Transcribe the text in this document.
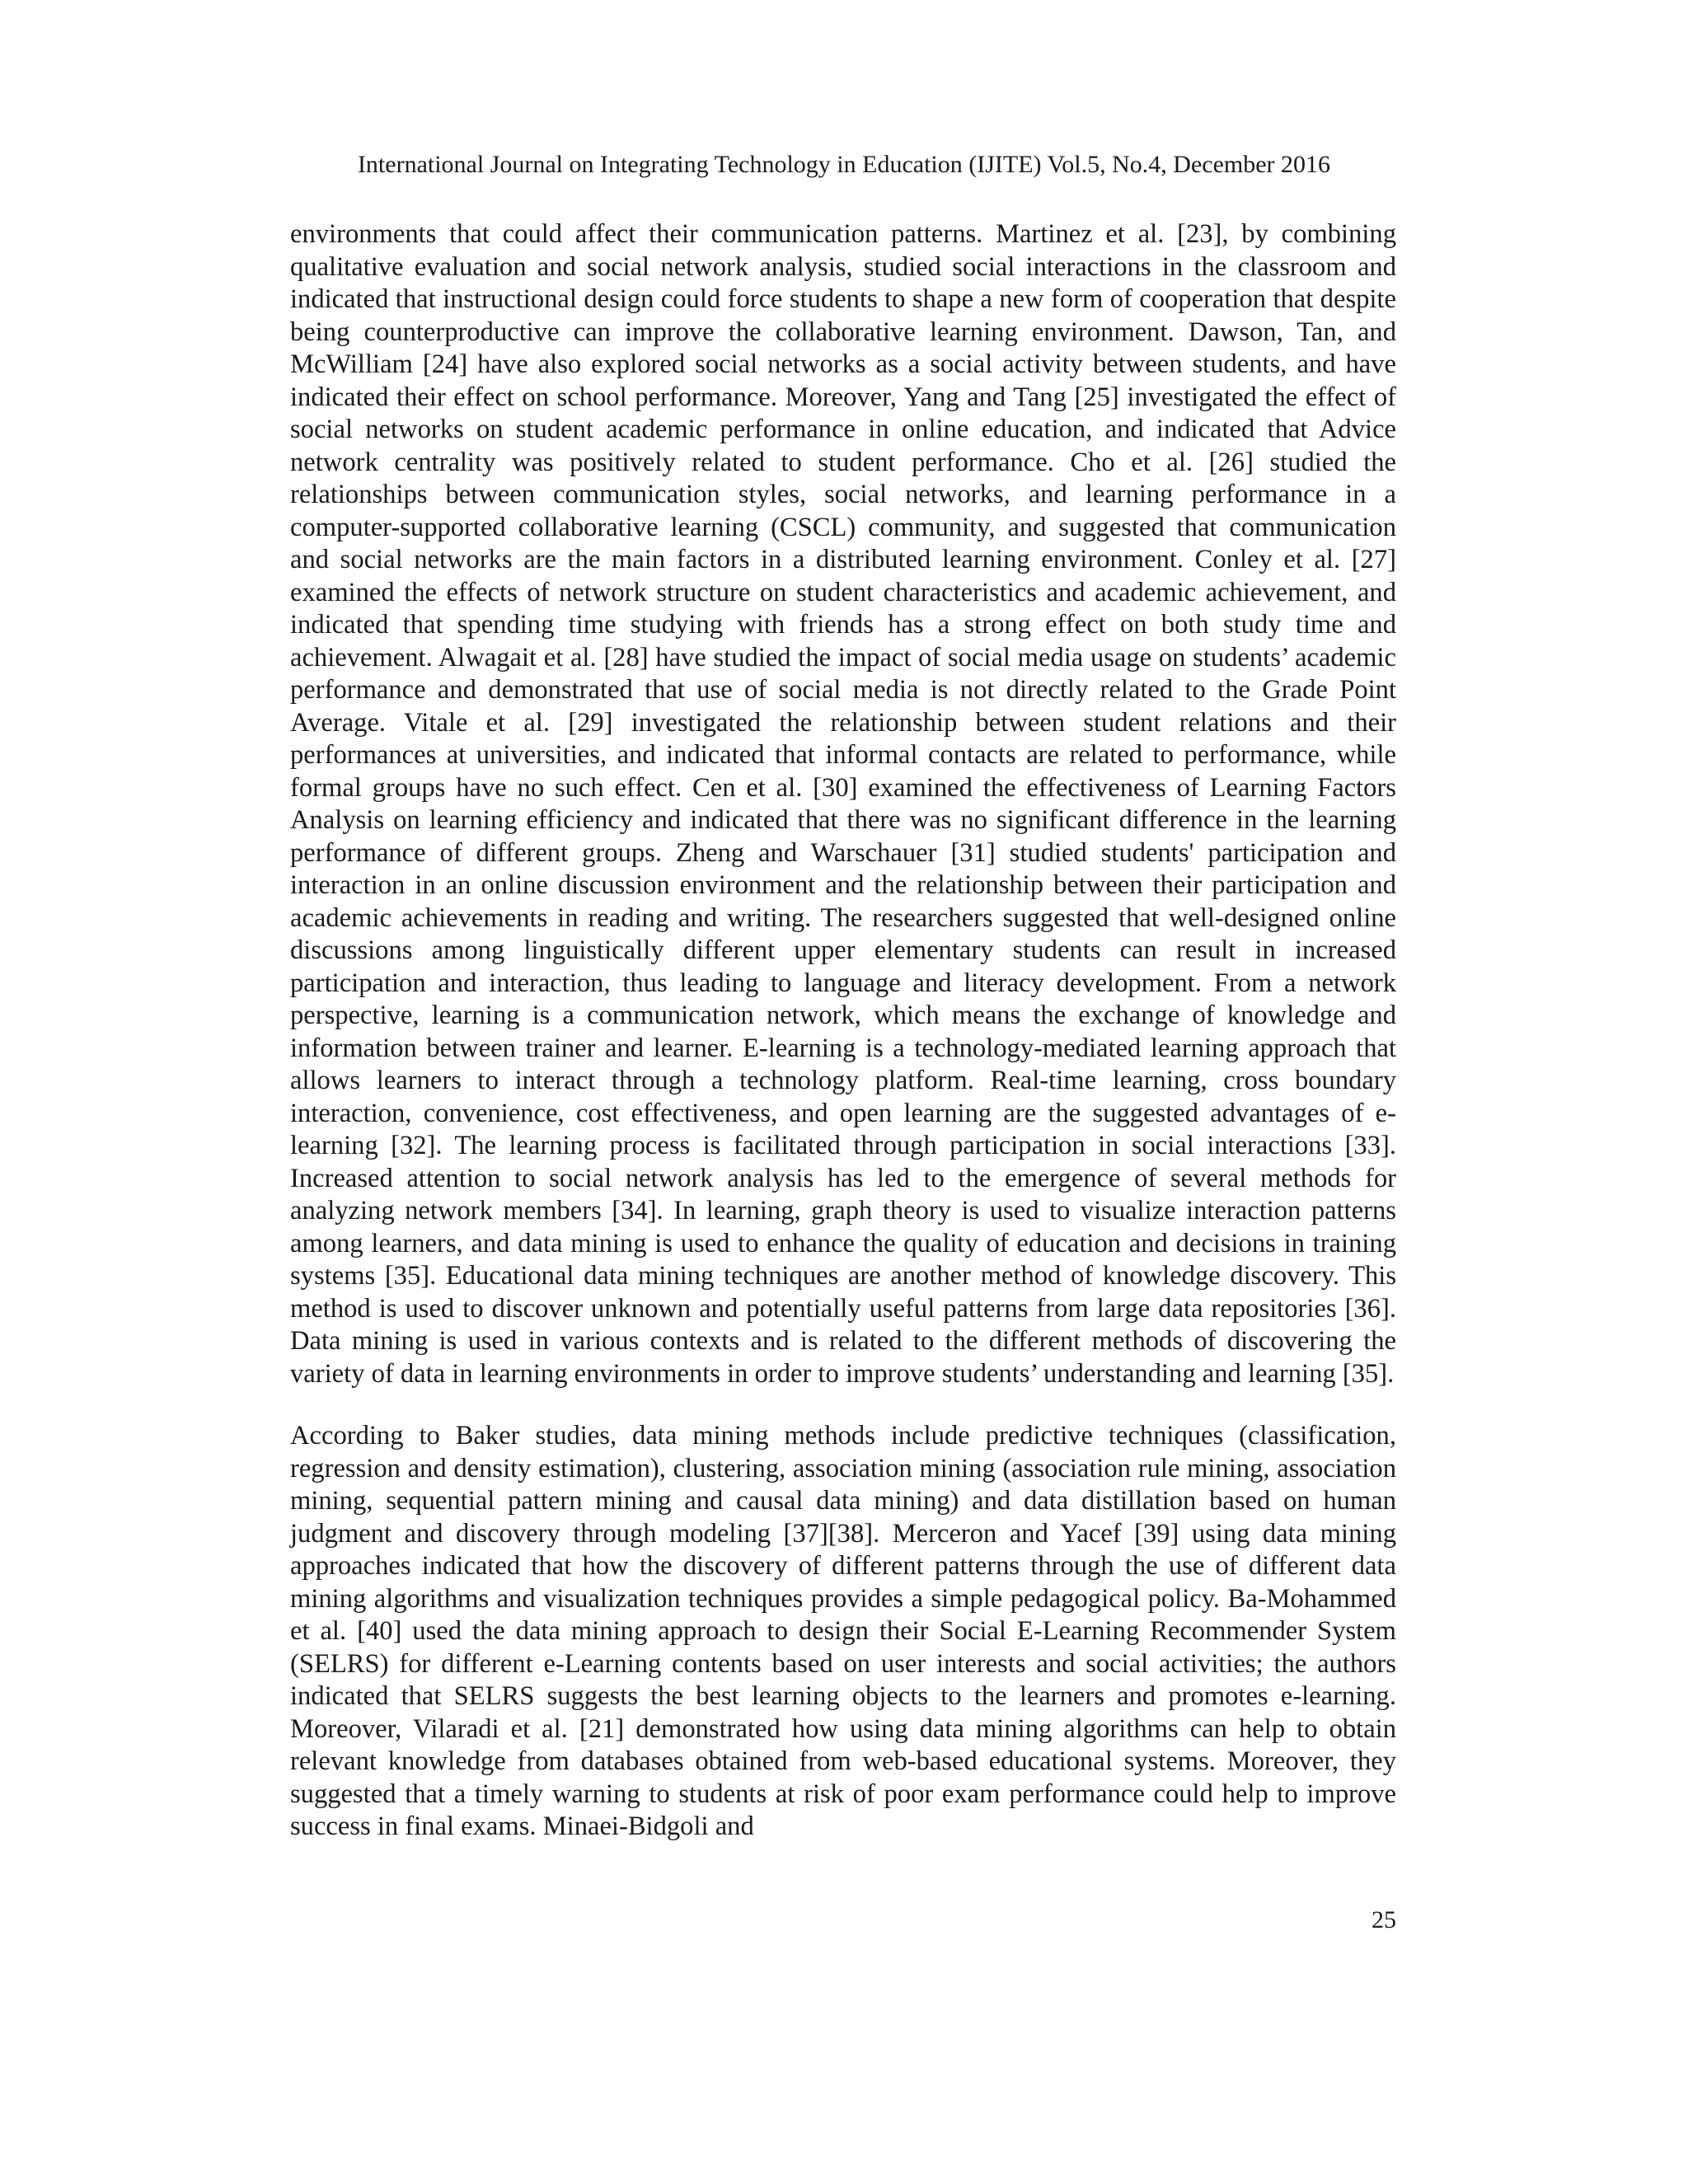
International Journal on Integrating Technology in Education (IJITE) Vol.5, No.4, December 2016

environments that could affect their communication patterns. Martinez et al. [23], by combining qualitative evaluation and social network analysis, studied social interactions in the classroom and indicated that instructional design could force students to shape a new form of cooperation that despite being counterproductive can improve the collaborative learning environment. Dawson, Tan, and McWilliam [24] have also explored social networks as a social activity between students, and have indicated their effect on school performance. Moreover, Yang and Tang [25] investigated the effect of social networks on student academic performance in online education, and indicated that Advice network centrality was positively related to student performance. Cho et al. [26] studied the relationships between communication styles, social networks, and learning performance in a computer-supported collaborative learning (CSCL) community, and suggested that communication and social networks are the main factors in a distributed learning environment. Conley et al. [27] examined the effects of network structure on student characteristics and academic achievement, and indicated that spending time studying with friends has a strong effect on both study time and achievement. Alwagait et al. [28] have studied the impact of social media usage on students’ academic performance and demonstrated that use of social media is not directly related to the Grade Point Average. Vitale et al. [29] investigated the relationship between student relations and their performances at universities, and indicated that informal contacts are related to performance, while formal groups have no such effect. Cen et al. [30] examined the effectiveness of Learning Factors Analysis on learning efficiency and indicated that there was no significant difference in the learning performance of different groups. Zheng and Warschauer [31] studied students' participation and interaction in an online discussion environment and the relationship between their participation and academic achievements in reading and writing. The researchers suggested that well-designed online discussions among linguistically different upper elementary students can result in increased participation and interaction, thus leading to language and literacy development. From a network perspective, learning is a communication network, which means the exchange of knowledge and information between trainer and learner. E-learning is a technology-mediated learning approach that allows learners to interact through a technology platform. Real-time learning, cross boundary interaction, convenience, cost effectiveness, and open learning are the suggested advantages of e-learning [32]. The learning process is facilitated through participation in social interactions [33]. Increased attention to social network analysis has led to the emergence of several methods for analyzing network members [34]. In learning, graph theory is used to visualize interaction patterns among learners, and data mining is used to enhance the quality of education and decisions in training systems [35]. Educational data mining techniques are another method of knowledge discovery. This method is used to discover unknown and potentially useful patterns from large data repositories [36]. Data mining is used in various contexts and is related to the different methods of discovering the variety of data in learning environments in order to improve students’ understanding and learning [35].

According to Baker studies, data mining methods include predictive techniques (classification, regression and density estimation), clustering, association mining (association rule mining, association mining, sequential pattern mining and causal data mining) and data distillation based on human judgment and discovery through modeling [37][38]. Merceron and Yacef [39] using data mining approaches indicated that how the discovery of different patterns through the use of different data mining algorithms and visualization techniques provides a simple pedagogical policy. Ba-Mohammed et al. [40] used the data mining approach to design their Social E-Learning Recommender System (SELRS) for different e-Learning contents based on user interests and social activities; the authors indicated that SELRS suggests the best learning objects to the learners and promotes e-learning. Moreover, Vilaradi et al. [21] demonstrated how using data mining algorithms can help to obtain relevant knowledge from databases obtained from web-based educational systems. Moreover, they suggested that a timely warning to students at risk of poor exam performance could help to improve success in final exams. Minaei-Bidgoli and

25
